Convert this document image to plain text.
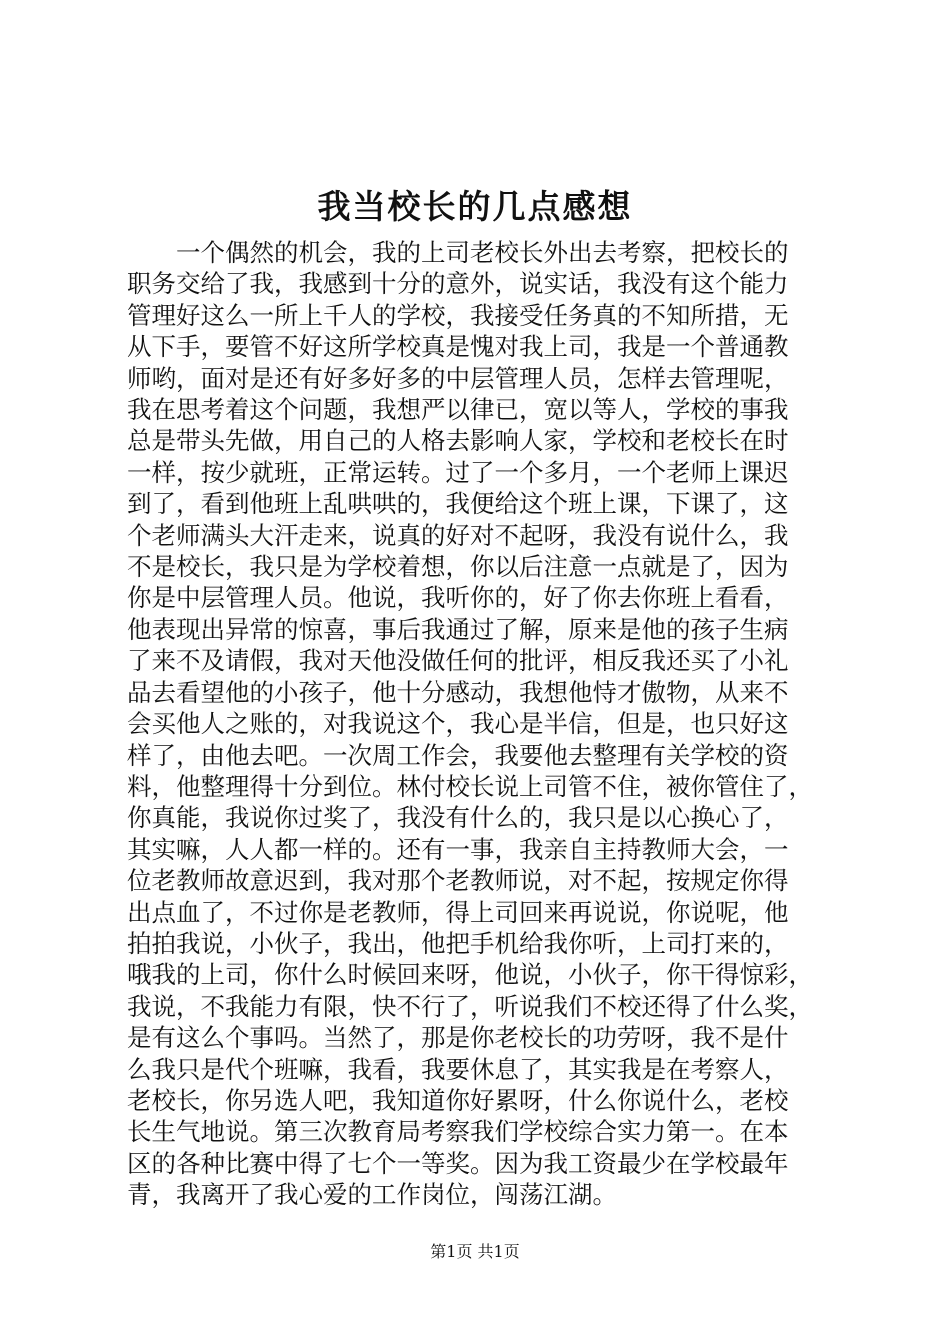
我当校长的几点感想
　　一个偶然的机会，我的上司老校长外出去考察，把校长的
职务交给了我，我感到十分的意外，说实话，我没有这个能力
管理好这么一所上千人的学校，我接受任务真的不知所措，无
从下手，要管不好这所学校真是愧对我上司，我是一个普通教
师哟，面对是还有好多好多的中层管理人员，怎样去管理呢，
我在思考着这个问题，我想严以律已，宽以等人，学校的事我
总是带头先做，用自己的人格去影响人家，学校和老校长在时
一样，按少就班，正常运转。过了一个多月，一个老师上课迟
到了，看到他班上乱哄哄的，我便给这个班上课，下课了，这
个老师满头大汗走来，说真的好对不起呀，我没有说什么，我
不是校长，我只是为学校着想，你以后注意一点就是了，因为
你是中层管理人员。他说，我听你的，好了你去你班上看看，
他表现出异常的惊喜，事后我通过了解，原来是他的孩子生病
了来不及请假，我对天他没做任何的批评，相反我还买了小礼
品去看望他的小孩子，他十分感动，我想他恃才傲物，从来不
会买他人之账的，对我说这个，我心是半信，但是，也只好这
样了，由他去吧。一次周工作会，我要他去整理有关学校的资
料，他整理得十分到位。林付校长说上司管不住，被你管住了，
你真能，我说你过奖了，我没有什么的，我只是以心换心了，
其实嘛，人人都一样的。还有一事，我亲自主持教师大会，一
位老教师故意迟到，我对那个老教师说，对不起，按规定你得
出点血了，不过你是老教师，得上司回来再说说，你说呢，他
拍拍我说，小伙子，我出，他把手机给我你听，上司打来的，
哦我的上司，你什么时候回来呀，他说，小伙子，你干得惊彩，
我说，不我能力有限，快不行了，听说我们不校还得了什么奖，
是有这么个事吗。当然了，那是你老校长的功劳呀，我不是什
么我只是代个班嘛，我看，我要休息了，其实我是在考察人，
老校长，你另选人吧，我知道你好累呀，什么你说什么，老校
长生气地说。第三次教育局考察我们学校综合实力第一。在本
区的各种比赛中得了七个一等奖。因为我工资最少在学校最年
青，我离开了我心爱的工作岗位，闯荡江湖。
第1页 共1页
